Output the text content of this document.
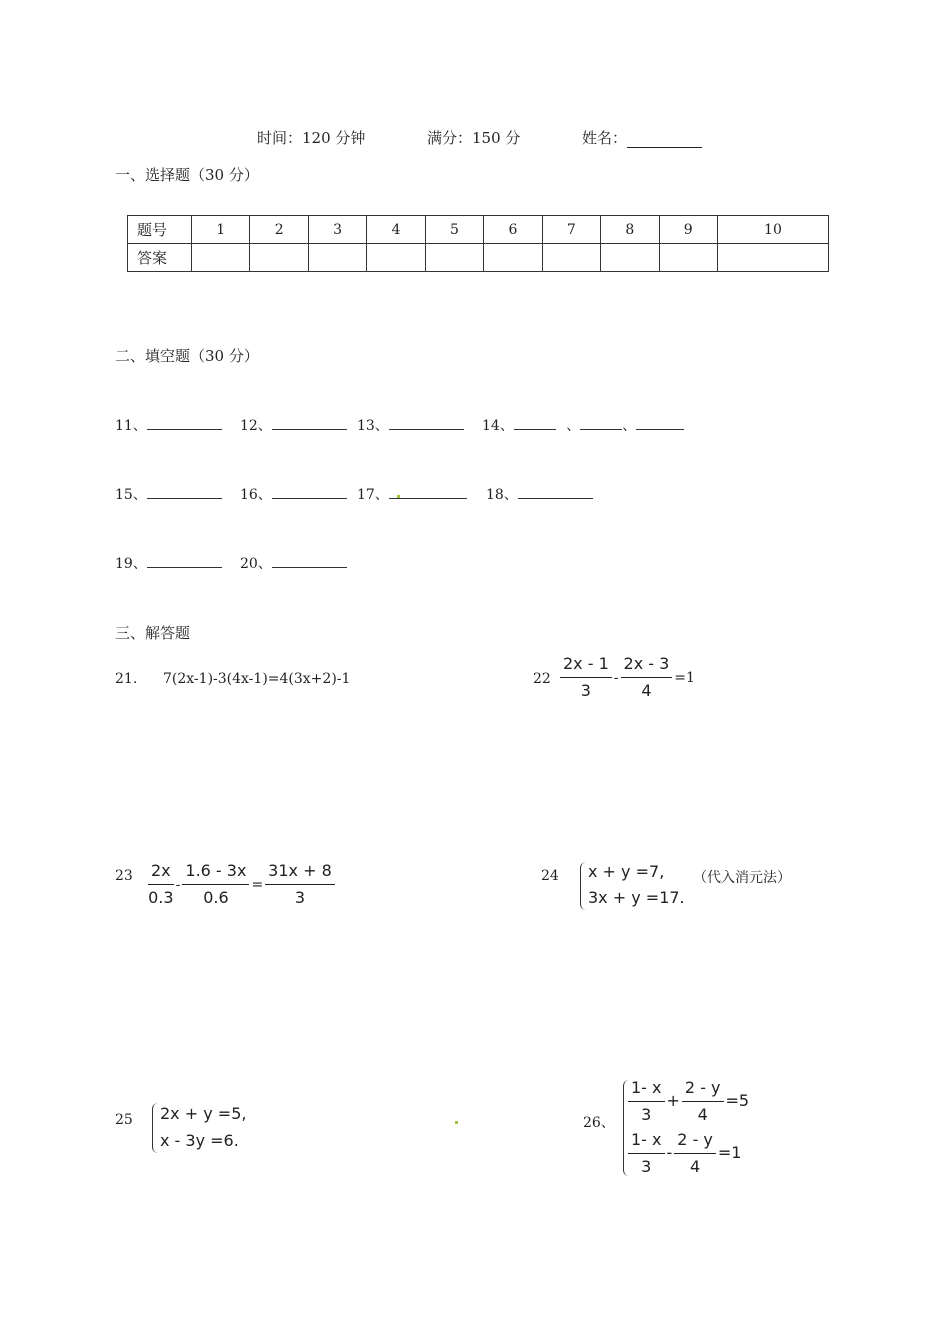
时间：120 分钟	满分：150 分	姓名：
一、选择题（30 分）
题号	1	2	3	4	5	6	7	8	9	10
答案										
二、填空题（30 分）
11、	12、	13、	14、	、	、
15、	16、	17、	18、
19、	20、
三、解答题
21. 7(2x-1)-3(4x-1)=4(3x+2)-1	$22 \frac{2x - 1}{3} - \frac{2x - 3}{4} =1$
$23 \frac{2x}{0.3} - \frac{1.6 - 3x}{0.6} = \frac{31x + 8}{3}$	24 x + y =7,
3x + y =17.
（代入消元法）
25 2x + y =5,
x - 3y =6.
26、 $\frac{1- x}{3} + \frac{2 - y}{4} =5$
$\frac{1- x}{3} - \frac{2 - y}{4} =1$
